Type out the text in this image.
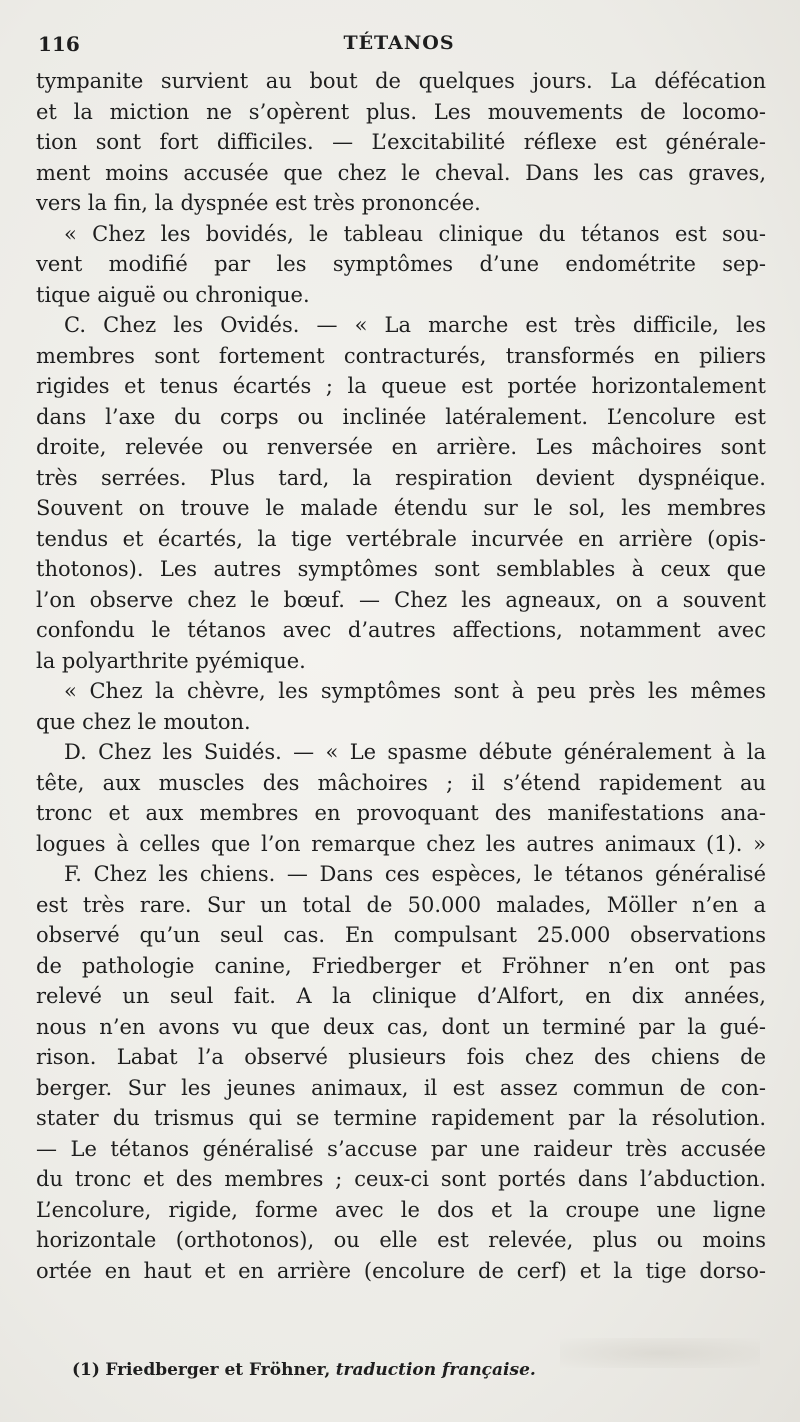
116	TÉTANOS
tympanite survient au bout de quelques jours. La défécation
et la miction ne s’opèrent plus. Les mouvements de locomo-
tion sont fort difficiles. — L’excitabilité réflexe est générale-
ment moins accusée que chez le cheval. Dans les cas graves,
vers la fin, la dyspnée est très prononcée.
« Chez les bovidés, le tableau clinique du tétanos est sou-
vent modifié par les symptômes d’une endométrite sep-
tique aiguë ou chronique.
C. Chez les Ovidés. — « La marche est très difficile, les
membres sont fortement contracturés, transformés en piliers
rigides et tenus écartés ; la queue est portée horizontalement
dans l’axe du corps ou inclinée latéralement. L’encolure est
droite, relevée ou renversée en arrière. Les mâchoires sont
très serrées. Plus tard, la respiration devient dyspnéique.
Souvent on trouve le malade étendu sur le sol, les membres
tendus et écartés, la tige vertébrale incurvée en arrière (opis-
thotonos). Les autres symptômes sont semblables à ceux que
l’on observe chez le bœuf. — Chez les agneaux, on a souvent
confondu le tétanos avec d’autres affections, notamment avec
la polyarthrite pyémique.
« Chez la chèvre, les symptômes sont à peu près les mêmes
que chez le mouton.
D. Chez les Suidés. — « Le spasme débute généralement à la
tête, aux muscles des mâchoires ; il s’étend rapidement au
tronc et aux membres en provoquant des manifestations ana-
logues à celles que l’on remarque chez les autres animaux (1). »
F. Chez les chiens. — Dans ces espèces, le tétanos généralisé
est très rare. Sur un total de 50.000 malades, Möller n’en a
observé qu’un seul cas. En compulsant 25.000 observations
de pathologie canine, Friedberger et Fröhner n’en ont pas
relevé un seul fait. A la clinique d’Alfort, en dix années,
nous n’en avons vu que deux cas, dont un terminé par la gué-
rison. Labat l’a observé plusieurs fois chez des chiens de
berger. Sur les jeunes animaux, il est assez commun de con-
stater du trismus qui se termine rapidement par la résolution.
— Le tétanos généralisé s’accuse par une raideur très accusée
du tronc et des membres ; ceux-ci sont portés dans l’abduction.
L’encolure, rigide, forme avec le dos et la croupe une ligne
horizontale (orthotonos), ou elle est relevée, plus ou moins
ortée en haut et en arrière (encolure de cerf) et la tige dorso-
(1) Friedberger et Fröhner, traduction française.
